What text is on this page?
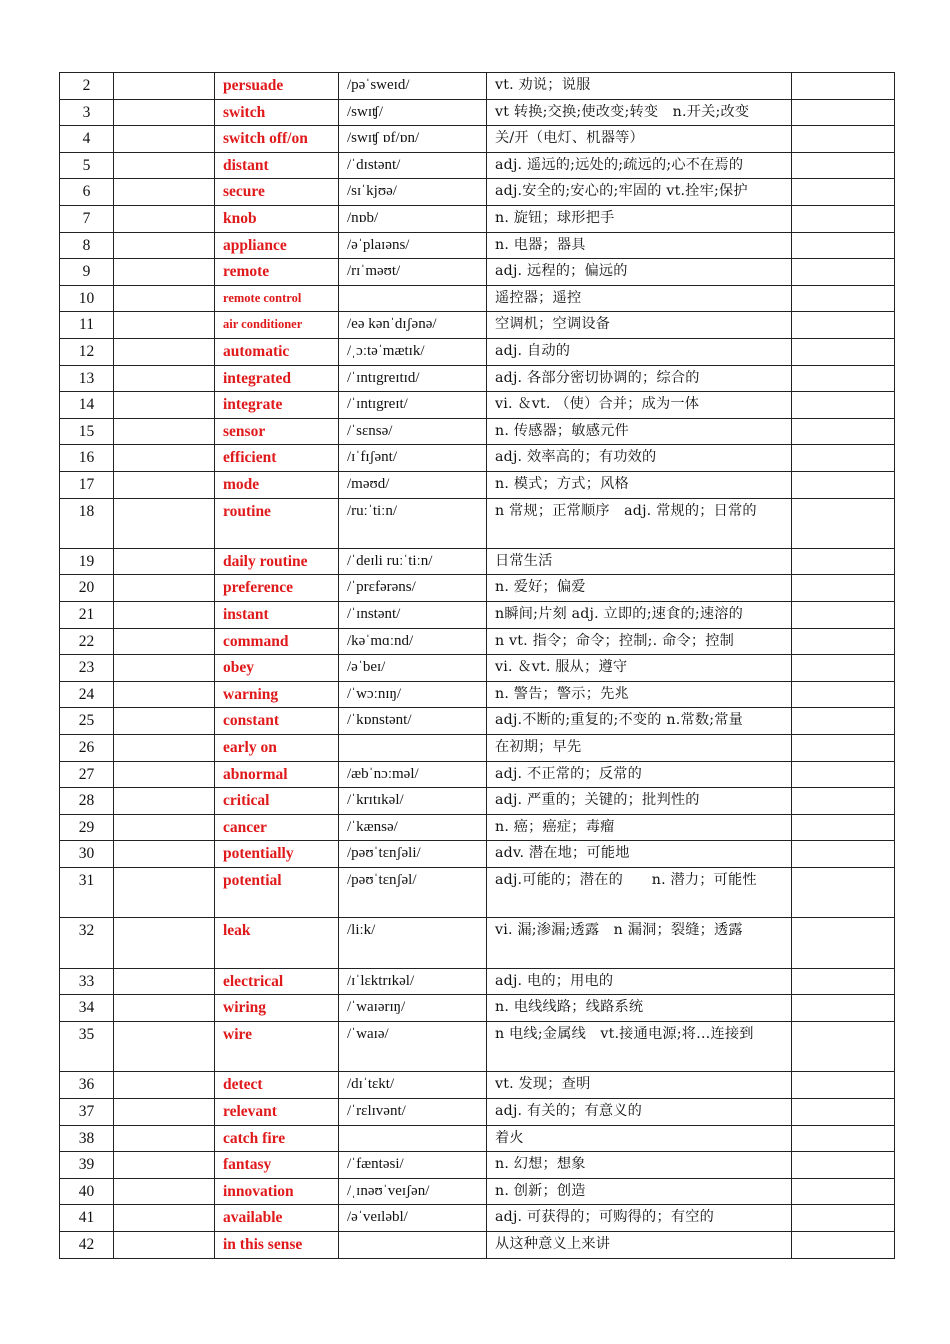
2		persuade	/pəˈsweɪd/	vt. 劝说；说服	
3		switch	/swɪʧ/	vt 转换;交换;使改变;转变　n.开关;改变	
4		switch off/on	/swɪʧ ɒf/ɒn/	关/开（电灯、机器等）	
5		distant	/ˈdɪstənt/	adj. 遥远的;远处的;疏远的;心不在焉的	
6		secure	/sɪˈkjʊə/	adj.安全的;安心的;牢固的 vt.拴牢;保护	
7		knob	/nɒb/	n. 旋钮；球形把手	
8		appliance	/əˈplaɪəns/	n. 电器；器具	
9		remote	/rɪˈməʊt/	adj. 远程的；偏远的	
10		remote control		遥控器；遥控	
11		air conditioner	/eə kənˈdɪʃənə/	空调机；空调设备	
12		automatic	/ˌɔːtəˈmætɪk/	adj. 自动的	
13		integrated	/ˈɪntɪgreɪtɪd/	adj. 各部分密切协调的；综合的	
14		integrate	/ˈɪntɪgreɪt/	vi. ＆vt. （使）合并；成为一体	
15		sensor	/ˈsɛnsə/	n. 传感器；敏感元件	
16		efficient	/ɪˈfɪʃənt/	adj. 效率高的；有功效的	
17		mode	/məʊd/	n. 模式；方式；风格	
18		routine	/ruːˈtiːn/	n 常规；正常顺序　adj. 常规的；日常的	
19		daily routine	/ˈdeɪli ruːˈtiːn/	日常生活	
20		preference	/ˈprɛfərəns/	n. 爱好；偏爱	
21		instant	/ˈɪnstənt/	n瞬间;片刻 adj. 立即的;速食的;速溶的	
22		command	/kəˈmɑːnd/	n vt. 指令；命令；控制;. 命令；控制	
23		obey	/əˈbeɪ/	vi. ＆vt. 服从；遵守	
24		warning	/ˈwɔːnɪŋ/	n. 警告；警示；先兆	
25		constant	/ˈkɒnstənt/	adj.不断的;重复的;不变的 n.常数;常量	
26		early on		在初期；早先	
27		abnormal	/æbˈnɔːməl/	adj. 不正常的；反常的	
28		critical	/ˈkrɪtɪkəl/	adj. 严重的；关键的；批判性的	
29		cancer	/ˈkænsə/	n. 癌；癌症；毒瘤	
30		potentially	/pəʊˈtɛnʃəli/	adv. 潜在地；可能地	
31		potential	/pəʊˈtɛnʃəl/	adj.可能的；潜在的　　n. 潜力；可能性	
32		leak	/liːk/	vi. 漏;渗漏;透露　n 漏洞；裂缝；透露	
33		electrical	/ɪˈlɛktrɪkəl/	adj. 电的；用电的	
34		wiring	/ˈwaɪərɪŋ/	n. 电线线路；线路系统	
35		wire	/ˈwaɪə/	n 电线;金属线　vt.接通电源;将…连接到	
36		detect	/dɪˈtɛkt/	vt. 发现；查明	
37		relevant	/ˈrɛlɪvənt/	adj. 有关的；有意义的	
38		catch fire		着火	
39		fantasy	/ˈfæntəsi/	n. 幻想；想象	
40		innovation	/ˌɪnəʊˈveɪʃən/	n. 创新；创造	
41		available	/əˈveɪləbl/	adj. 可获得的；可购得的；有空的	
42		in this sense		从这种意义上来讲	
